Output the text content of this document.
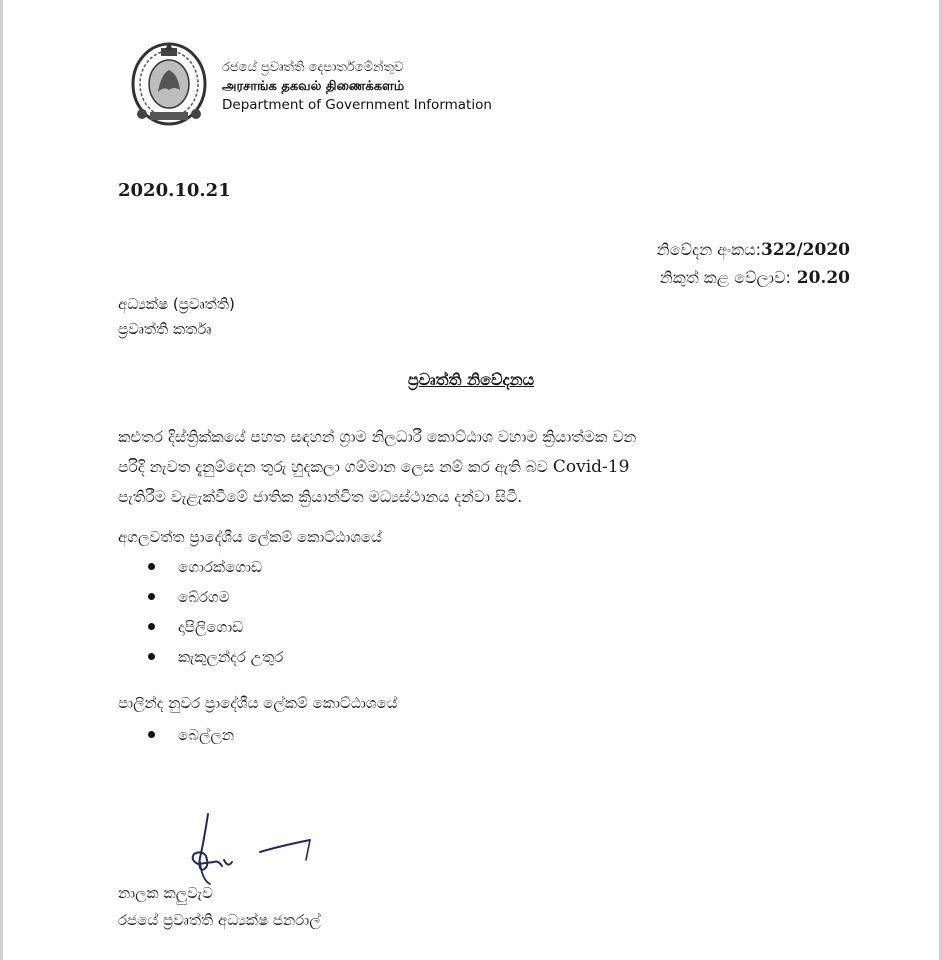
රජයේ ප්‍රවෘත්ති දෙපාර්තමේන්තුව
அரசாங்க தகவல் திணைக்களம்
Department of Government Information
2020.10.21
නිවේදන අංකය:322/2020
නිකුත් කළ වේලාව: 20.20
අධ්‍යක්ෂ (ප්‍රවෘත්ති)
ප්‍රවෘත්ති කර්තෘ
ප්‍රවෘත්ති නිවේදනය
කළුතර දිස්ත්‍රික්කයේ පහත සඳහන් ග්‍රාම නිලධාරී කොට්ඨාශ වහාම ක්‍රියාත්මක වන
පරිදි නැවත දැනුම්දෙන තුරු හුදකලා ගම්මාන ලෙස නම් කර ඇති බව Covid-19
පැතිරීම වැළැක්වීමේ ජාතික ක්‍රියාන්විත මධ්‍යස්ථානය දන්වා සිටී.
අගලවත්ත ප්‍රාදේශීය ලේකම් කොට්ඨාශයේ
ගොරක්ගොඩ
බේරගම
දාපිලිගොඩ
කැකුලන්දර උතුර
පාලින්ද නුවර ප්‍රාදේශීය ලේකම් කොට්ඨාශයේ
බෙල්ලන
නාලක කලුවැව
රජයේ ප්‍රවෘත්ති අධ්‍යක්ෂ ජනරාල්
